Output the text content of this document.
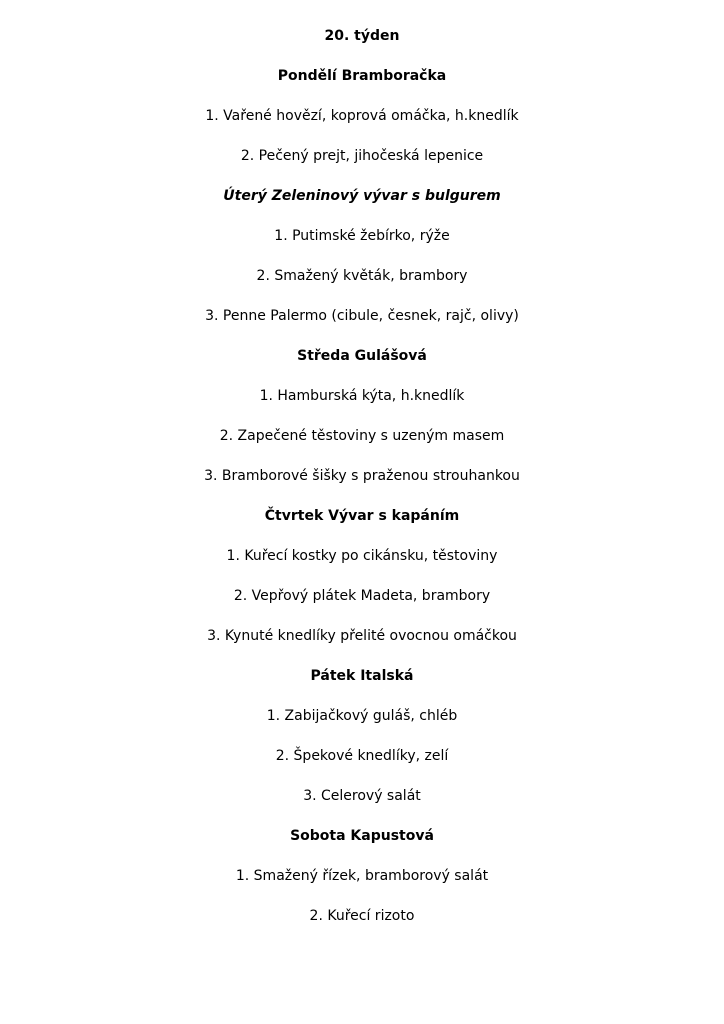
20. týden
Pondělí Bramboračka
1. Vařené hovězí, koprová omáčka, h.knedlík
2. Pečený prejt, jihočeská lepenice
Úterý Zeleninový vývar s bulgurem
1. Putimské žebírko, rýže
2. Smažený květák, brambory
3. Penne Palermo (cibule, česnek, rajč, olivy)
Středa Gulášová
1. Hamburská kýta, h.knedlík
2. Zapečené těstoviny s uzeným masem
3. Bramborové šišky s praženou strouhankou
Čtvrtek Vývar s kapáním
1. Kuřecí kostky po cikánsku, těstoviny
2. Vepřový plátek Madeta, brambory
3. Kynuté knedlíky přelité ovocnou omáčkou
Pátek Italská
1. Zabijačkový guláš, chléb
2. Špekové knedlíky, zelí
3. Celerový salát
Sobota Kapustová
1. Smažený řízek, bramborový salát
2. Kuřecí rizoto
